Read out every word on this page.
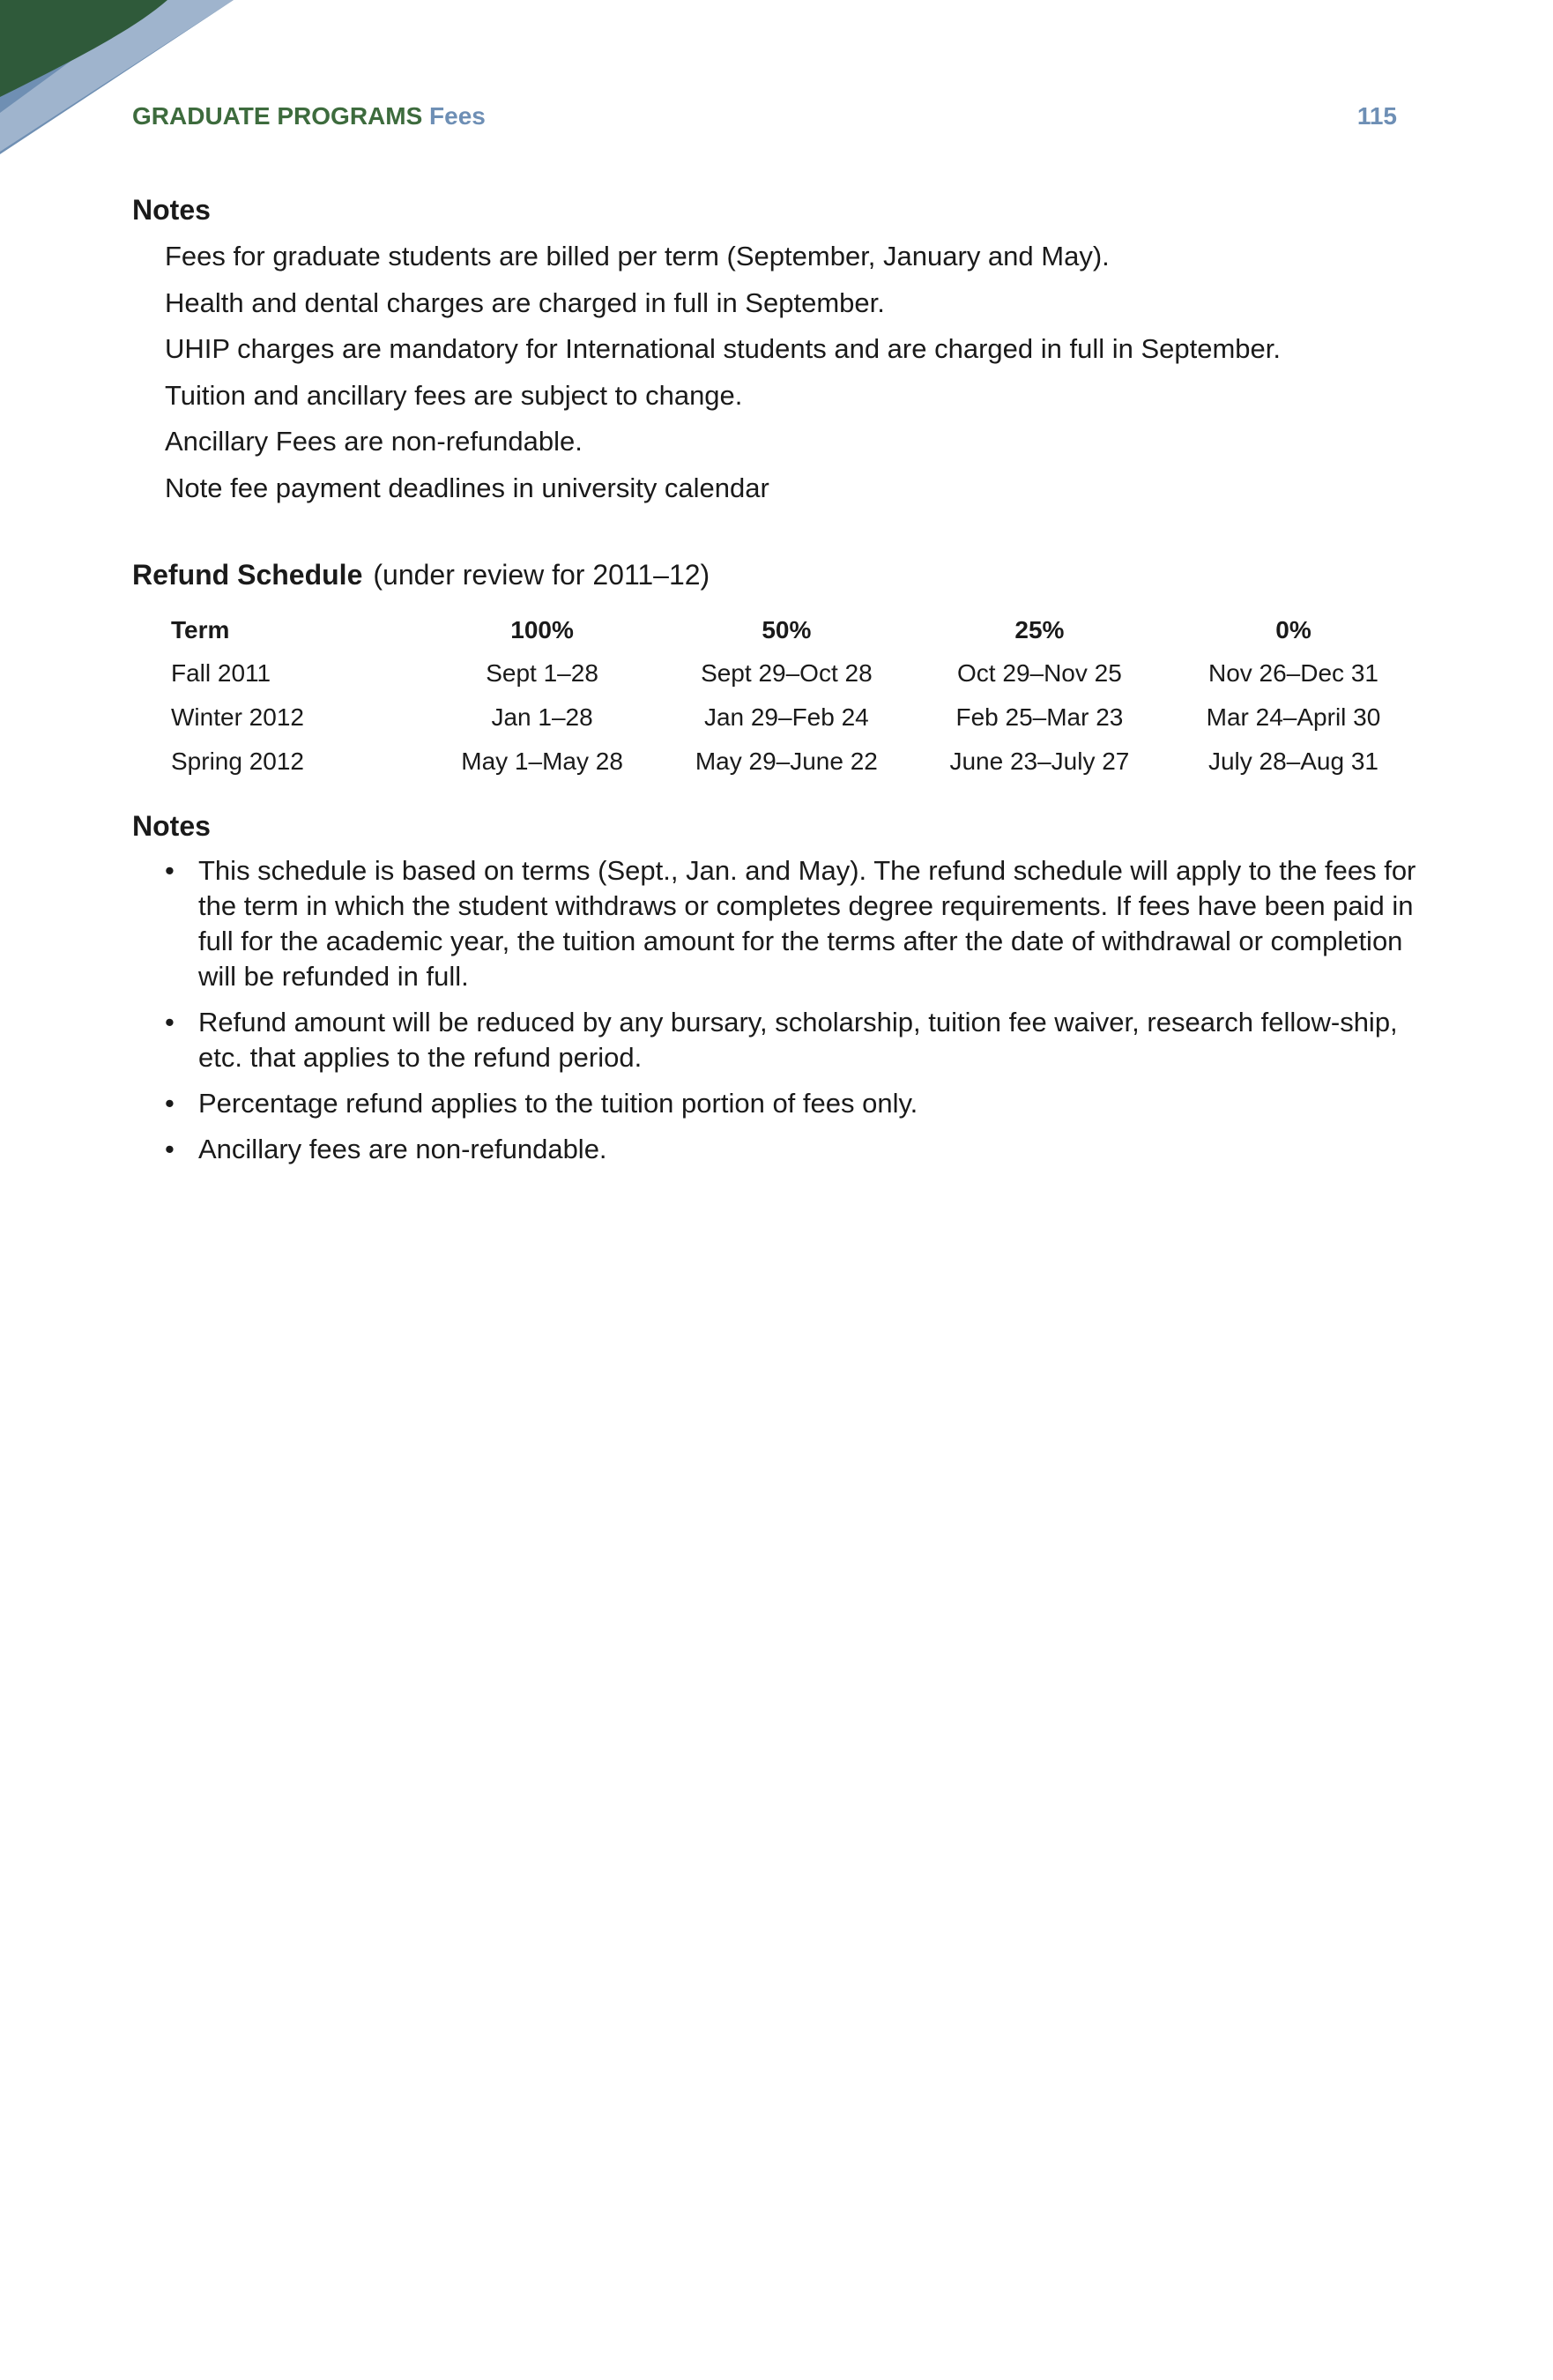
GRADUATE PROGRAMS Fees	115
Notes
Fees for graduate students are billed per term (September, January and May).
Health and dental charges are charged in full in September.
UHIP charges are mandatory for International students and are charged in full in September.
Tuition and ancillary fees are subject to change.
Ancillary Fees are non-refundable.
Note fee payment deadlines in university calendar
Refund Schedule (under review for 2011–12)
Term	100%	50%	25%	0%
Fall 2011	Sept 1–28	Sept 29–Oct 28	Oct 29–Nov 25	Nov 26–Dec 31
Winter 2012	Jan 1–28	Jan 29–Feb 24	Feb 25–Mar 23	Mar 24–April 30
Spring 2012	May 1–May 28	May 29–June 22	June 23–July 27	July 28–Aug 31
Notes
• This schedule is based on terms (Sept., Jan. and May). The refund schedule will apply to the fees for the term in which the student withdraws or completes degree requirements. If fees have been paid in full for the academic year, the tuition amount for the terms after the date of withdrawal or completion will be refunded in full.
• Refund amount will be reduced by any bursary, scholarship, tuition fee waiver, research fellow-ship, etc. that applies to the refund period.
• Percentage refund applies to the tuition portion of fees only.
• Ancillary fees are non-refundable.
